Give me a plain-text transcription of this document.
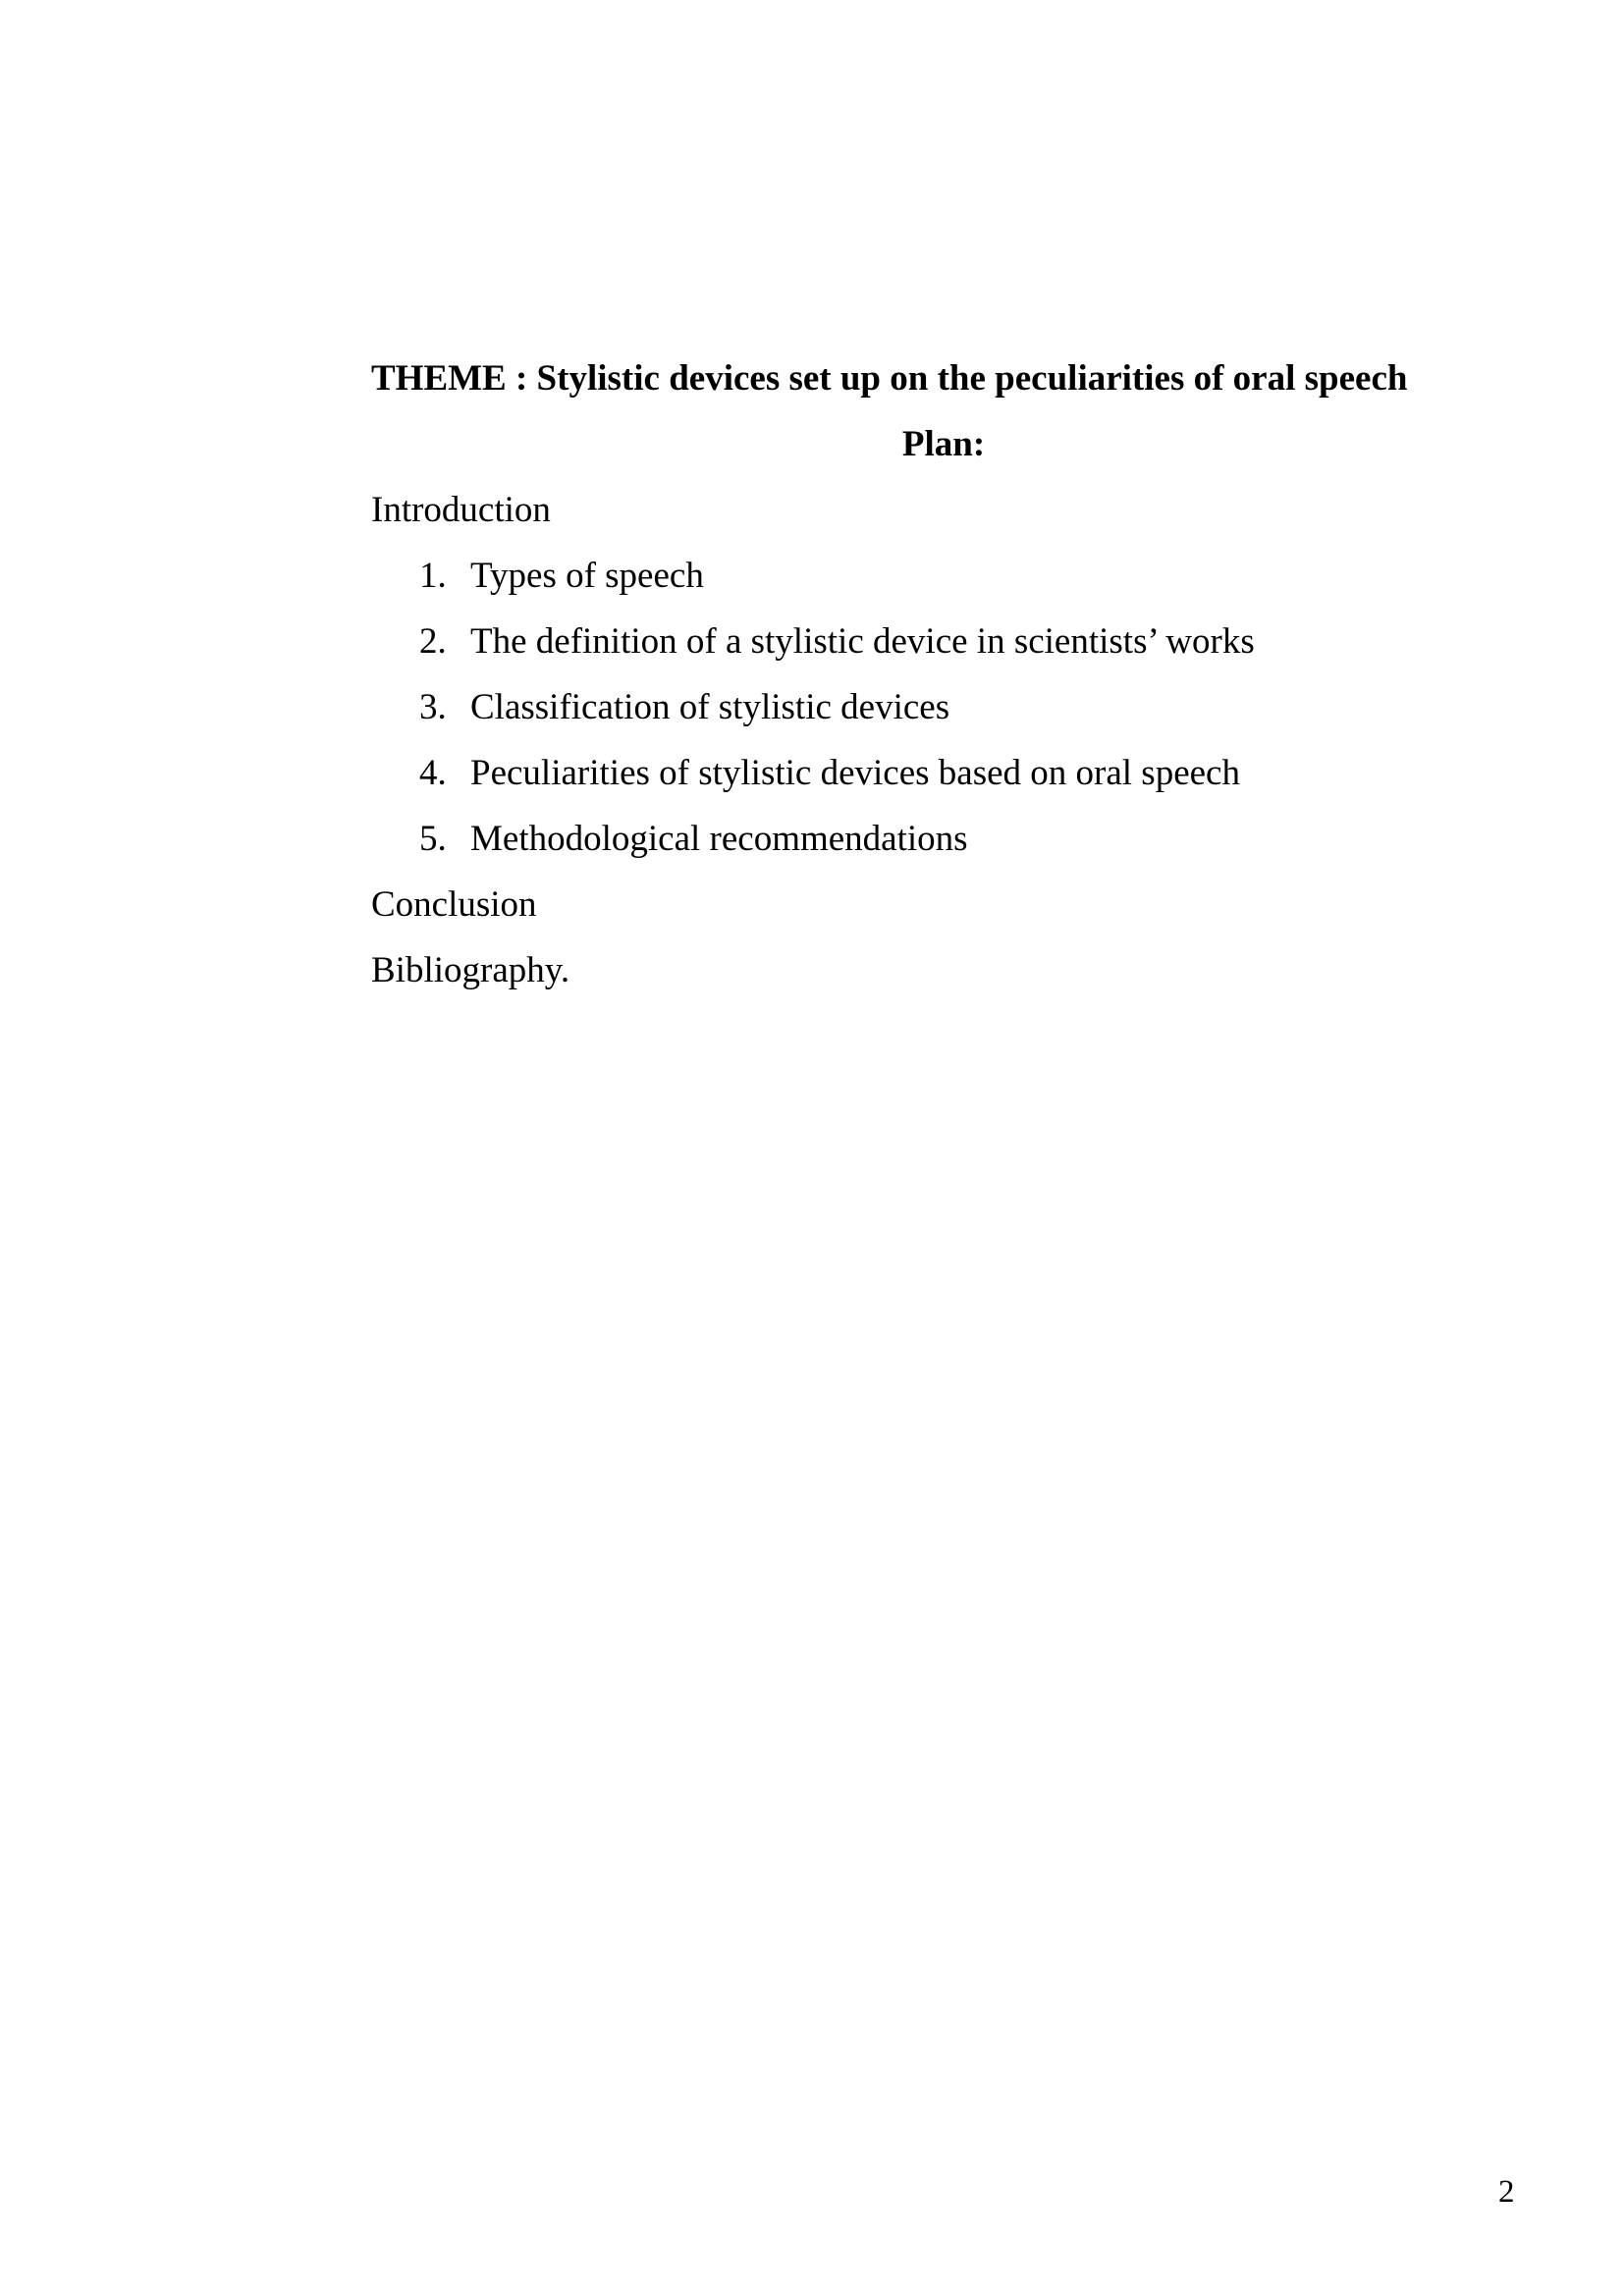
THEME : Stylistic devices set up on the peculiarities of oral speech

Plan:

Introduction

1. Types of speech
2. The definition of a stylistic device in scientists’ works
3. Classification of stylistic devices
4. Peculiarities of stylistic devices based on oral speech
5. Methodological recommendations

Conclusion

Bibliography.

2
